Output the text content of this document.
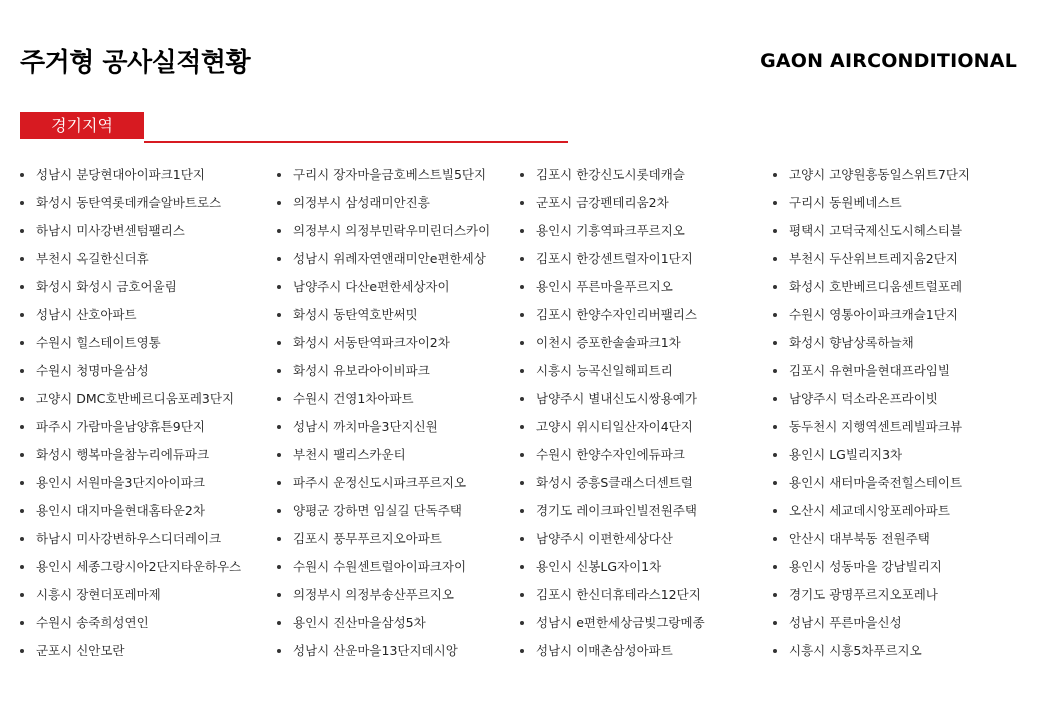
주거형 공사실적현황	GAON AIRCONDITIONAL
경기지역
성남시 분당현대아이파크1단지
화성시 동탄역롯데캐슬알바트로스
하남시 미사강변센텀팰리스
부천시 옥길한신더휴
화성시 화성시 금호어울림
성남시 산호아파트
수원시 힐스테이트영통
수원시 청명마을삼성
고양시 DMC호반베르디움포레3단지
파주시 가람마을남양휴튼9단지
화성시 행복마을참누리에듀파크
용인시 서원마을3단지아이파크
용인시 대지마을현대홈타운2차
하남시 미사강변하우스디더레이크
용인시 세종그랑시아2단지타운하우스
시흥시 장현더포레마제
수원시 송죽희성연인
군포시 신안모란
구리시 장자마을금호베스트빌5단지
의정부시 삼성래미안진흥
의정부시 의정부민락우미린더스카이
성남시 위례자연앤래미안e편한세상
남양주시 다산e편한세상자이
화성시 동탄역호반써밋
화성시 서동탄역파크자이2차
화성시 유보라아이비파크
수원시 건영1차아파트
성남시 까치마을3단지신원
부천시 팰리스카운티
파주시 운정신도시파크푸르지오
양평군 강하면 임실길 단독주택
김포시 풍무푸르지오아파트
수원시 수원센트럴아이파크자이
의정부시 의정부송산푸르지오
용인시 진산마을삼성5차
성남시 산운마을13단지데시앙
김포시 한강신도시롯데캐슬
군포시 금강펜테리움2차
용인시 기흥역파크푸르지오
김포시 한강센트럴자이1단지
용인시 푸른마을푸르지오
김포시 한양수자인리버팰리스
이천시 증포한솔솔파크1차
시흥시 능곡신일해피트리
남양주시 별내신도시쌍용예가
고양시 위시티일산자이4단지
수원시 한양수자인에듀파크
화성시 중흥S클래스더센트럴
경기도 레이크파인빌전원주택
남양주시 이편한세상다산
용인시 신봉LG자이1차
김포시 한신더휴테라스12단지
성남시 e편한세상금빛그랑메종
성남시 이매촌삼성아파트
고양시 고양원흥동일스위트7단지
구리시 동원베네스트
평택시 고덕국제신도시헤스티블
부천시 두산위브트레지움2단지
화성시 호반베르디움센트럴포레
수원시 영통아이파크캐슬1단지
화성시 향남상록하늘채
김포시 유현마을현대프라임빌
남양주시 덕소라온프라이빗
동두천시 지행역센트레빌파크뷰
용인시 LG빌리지3차
용인시 새터마을죽전힐스테이트
오산시 세교데시앙포레아파트
안산시 대부북동 전원주택
용인시 성동마을 강남빌리지
경기도 광명푸르지오포레나
성남시 푸른마을신성
시흥시 시흥5차푸르지오
